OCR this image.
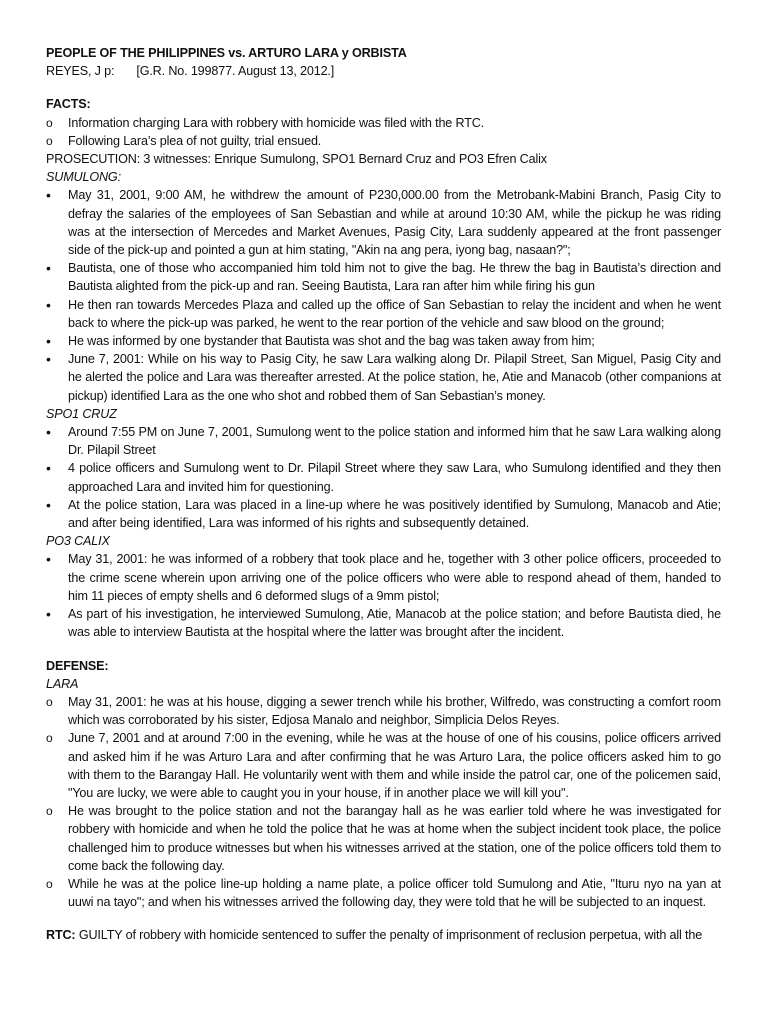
PEOPLE OF THE PHILIPPINES vs. ARTURO LARA y ORBISTA
REYES, J p: [G.R. No. 199877. August 13, 2012.]
FACTS:
o	Information charging Lara with robbery with homicide was filed with the RTC.
o	Following Lara’s plea of not guilty, trial ensued.
PROSECUTION: 3 witnesses: Enrique Sumulong, SPO1 Bernard Cruz and PO3 Efren Calix
SUMULONG:
•	May 31, 2001, 9:00 AM, he withdrew the amount of P230,000.00 from the Metrobank-Mabini Branch, Pasig City to defray the salaries of the employees of San Sebastian and while at around 10:30 AM, while the pickup he was riding was at the intersection of Mercedes and Market Avenues, Pasig City, Lara suddenly appeared at the front passenger side of the pick-up and pointed a gun at him stating, "Akin na ang pera, iyong bag, nasaan?";
•	Bautista, one of those who accompanied him told him not to give the bag. He threw the bag in Bautista’s direction and Bautista alighted from the pick-up and ran. Seeing Bautista, Lara ran after him while firing his gun
•	He then ran towards Mercedes Plaza and called up the office of San Sebastian to relay the incident and when he went back to where the pick-up was parked, he went to the rear portion of the vehicle and saw blood on the ground;
•	He was informed by one bystander that Bautista was shot and the bag was taken away from him;
•	June 7, 2001: While on his way to Pasig City, he saw Lara walking along Dr. Pilapil Street, San Miguel, Pasig City and he alerted the police and Lara was thereafter arrested. At the police station, he, Atie and Manacob (other companions at pickup) identified Lara as the one who shot and robbed them of San Sebastian’s money.
SPO1 CRUZ
•	Around 7:55 PM on June 7, 2001, Sumulong went to the police station and informed him that he saw Lara walking along Dr. Pilapil Street
•	4 police officers and Sumulong went to Dr. Pilapil Street where they saw Lara, who Sumulong identified and they then approached Lara and invited him for questioning.
•	At the police station, Lara was placed in a line-up where he was positively identified by Sumulong, Manacob and Atie; and after being identified, Lara was informed of his rights and subsequently detained.
PO3 CALIX
•	May 31, 2001: he was informed of a robbery that took place and he, together with 3 other police officers, proceeded to the crime scene wherein upon arriving one of the police officers who were able to respond ahead of them, handed to him 11 pieces of empty shells and 6 deformed slugs of a 9mm pistol;
•	As part of his investigation, he interviewed Sumulong, Atie, Manacob at the police station; and before Bautista died, he was able to interview Bautista at the hospital where the latter was brought after the incident.
DEFENSE:
LARA
o	May 31, 2001: he was at his house, digging a sewer trench while his brother, Wilfredo, was constructing a comfort room which was corroborated by his sister, Edjosa Manalo and neighbor, Simplicia Delos Reyes.
o	June 7, 2001 and at around 7:00 in the evening, while he was at the house of one of his cousins, police officers arrived and asked him if he was Arturo Lara and after confirming that he was Arturo Lara, the police officers asked him to go with them to the Barangay Hall. He voluntarily went with them and while inside the patrol car, one of the policemen said, "You are lucky, we were able to caught you in your house, if in another place we will kill you".
o	He was brought to the police station and not the barangay hall as he was earlier told where he was investigated for robbery with homicide and when he told the police that he was at home when the subject incident took place, the police challenged him to produce witnesses but when his witnesses arrived at the station, one of the police officers told them to come back the following day.
o	While he was at the police line-up holding a name plate, a police officer told Sumulong and Atie, "Ituru nyo na yan at uuwi na tayo"; and when his witnesses arrived the following day, they were told that he will be subjected to an inquest.
RTC: GUILTY of robbery with homicide sentenced to suffer the penalty of imprisonment of reclusion perpetua, with all the
